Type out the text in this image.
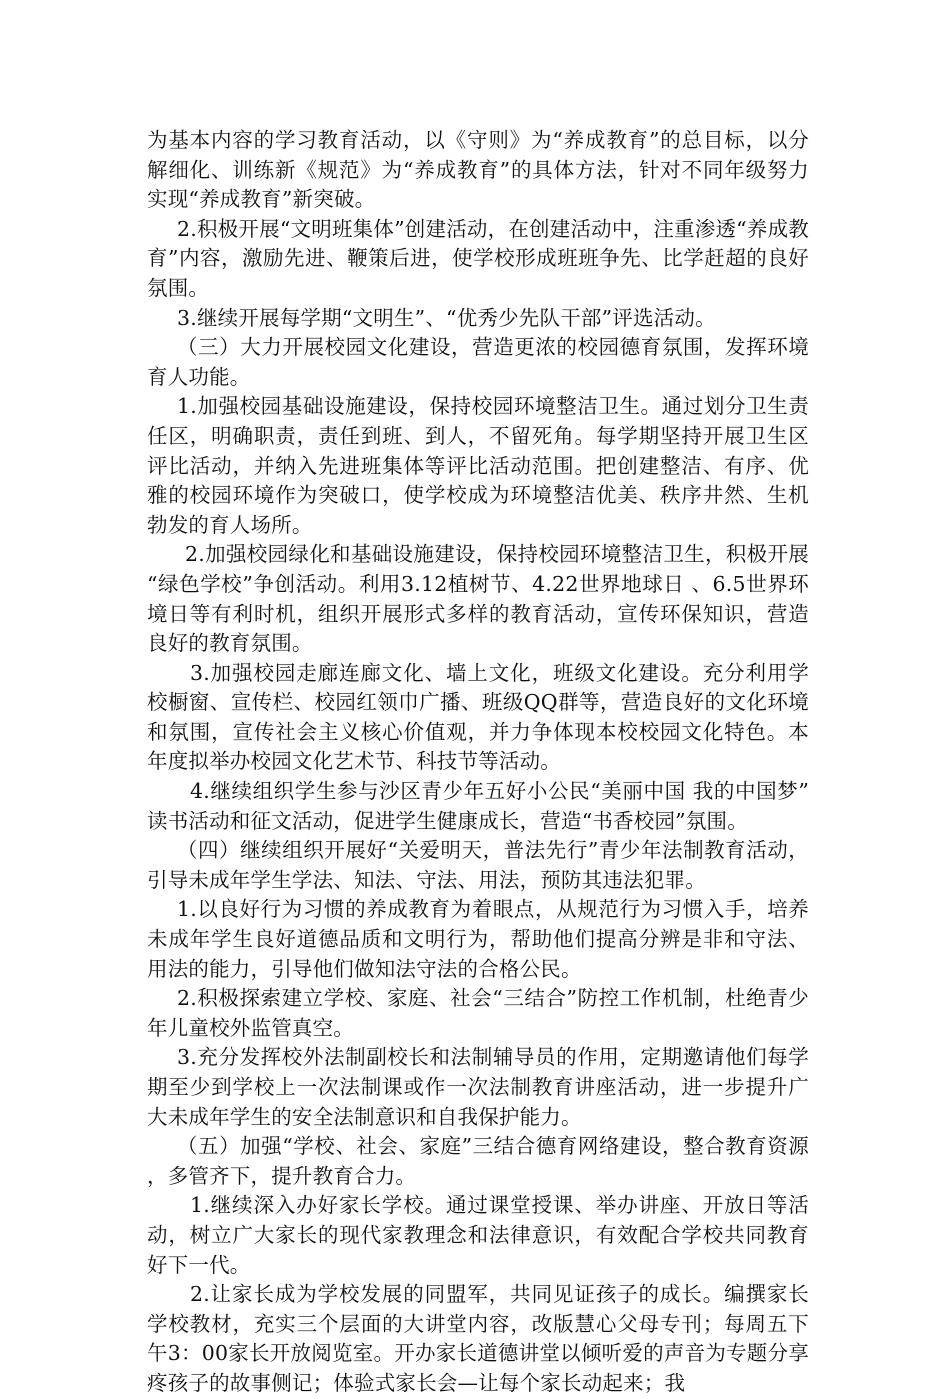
为基本内容的学习教育活动，以《守则》为“养成教育”的总目标，以分解细化、训练新《规范》为“养成教育”的具体方法，针对不同年级努力实现“养成教育”新突破。

2.积极开展“文明班集体”创建活动，在创建活动中，注重渗透“养成教育”内容，激励先进、鞭策后进，使学校形成班班争先、比学赶超的良好氛围。

3.继续开展每学期“文明生”、“优秀少先队干部”评选活动。

（三）大力开展校园文化建设，营造更浓的校园德育氛围，发挥环境育人功能。

1.加强校园基础设施建设，保持校园环境整洁卫生。通过划分卫生责任区，明确职责，责任到班、到人，不留死角。每学期坚持开展卫生区评比活动，并纳入先进班集体等评比活动范围。把创建整洁、有序、优雅的校园环境作为突破口，使学校成为环境整洁优美、秩序井然、生机勃发的育人场所。

2.加强校园绿化和基础设施建设，保持校园环境整洁卫生，积极开展“绿色学校”争创活动。利用3.12植树节、4.22世界地球日 、6.5世界环境日等有利时机，组织开展形式多样的教育活动，宣传环保知识，营造良好的教育氛围。

3.加强校园走廊连廊文化、墙上文化，班级文化建设。充分利用学校橱窗、宣传栏、校园红领巾广播、班级QQ群等，营造良好的文化环境和氛围，宣传社会主义核心价值观，并力争体现本校校园文化特色。本年度拟举办校园文化艺术节、科技节等活动。

4.继续组织学生参与沙区青少年五好小公民“美丽中国 我的中国梦”读书活动和征文活动，促进学生健康成长，营造“书香校园”氛围。

（四）继续组织开展好“关爱明天，普法先行”青少年法制教育活动，引导未成年学生学法、知法、守法、用法，预防其违法犯罪。

1.以良好行为习惯的养成教育为着眼点，从规范行为习惯入手，培养未成年学生良好道德品质和文明行为，帮助他们提高分辨是非和守法、用法的能力，引导他们做知法守法的合格公民。

2.积极探索建立学校、家庭、社会“三结合”防控工作机制，杜绝青少年儿童校外监管真空。

3.充分发挥校外法制副校长和法制辅导员的作用，定期邀请他们每学期至少到学校上一次法制课或作一次法制教育讲座活动，进一步提升广大未成年学生的安全法制意识和自我保护能力。

（五）加强“学校、社会、家庭”三结合德育网络建设，整合教育资源，多管齐下，提升教育合力。

1.继续深入办好家长学校。通过课堂授课、举办讲座、开放日等活动，树立广大家长的现代家教理念和法律意识，有效配合学校共同教育好下一代。

2.让家长成为学校发展的同盟军，共同见证孩子的成长。编撰家长学校教材，充实三个层面的大讲堂内容，改版慧心父母专刊；每周五下午3：00家长开放阅览室。开办家长道德讲堂以倾听爱的声音为专题分享疼孩子的故事侧记；体验式家长会—让每个家长动起来；我
